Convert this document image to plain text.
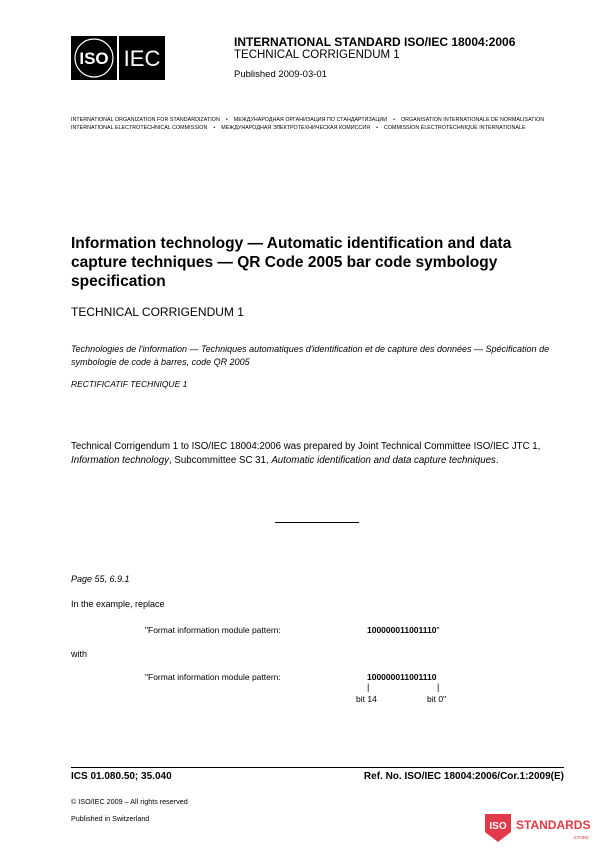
ISO IEC
INTERNATIONAL STANDARD ISO/IEC 18004:2006
TECHNICAL CORRIGENDUM 1
Published 2009-03-01
INTERNATIONAL ORGANIZATION FOR STANDARDIZATION • МЕЖДУНАРОДНАЯ ОРГАНИЗАЦИЯ ПО СТАНДАРТИЗАЦИИ • ORGANISATION INTERNATIONALE DE NORMALISATION
INTERNATIONAL ELECTROTECHNICAL COMMISSION • МЕЖДУНАРОДНАЯ ЭЛЕКТРОТЕХНИЧЕСКАЯ КОМИССИЯ • COMMISSION ÉLECTROTECHNIQUE INTERNATIONALE
Information technology — Automatic identification and data capture techniques — QR Code 2005 bar code symbology specification
TECHNICAL CORRIGENDUM 1
Technologies de l'information — Techniques automatiques d'identification et de capture des données — Spécification de symbologie de code à barres, code QR 2005
RECTIFICATIF TECHNIQUE 1
Technical Corrigendum 1 to ISO/IEC 18004:2006 was prepared by Joint Technical Committee ISO/IEC JTC 1, Information technology, Subcommittee SC 31, Automatic identification and data capture techniques.
Page 55, 6.9.1
In the example, replace
"Format information module pattern:	100000011001110"
with
"Format information module pattern:	100000011001110
|	|
bit 14	bit 0"
ICS 01.080.50; 35.040	Ref. No. ISO/IEC 18004:2006/Cor.1:2009(E)
© ISO/IEC 2009 – All rights reserved
Published in Switzerland
ISO STANDARDS
STORE
